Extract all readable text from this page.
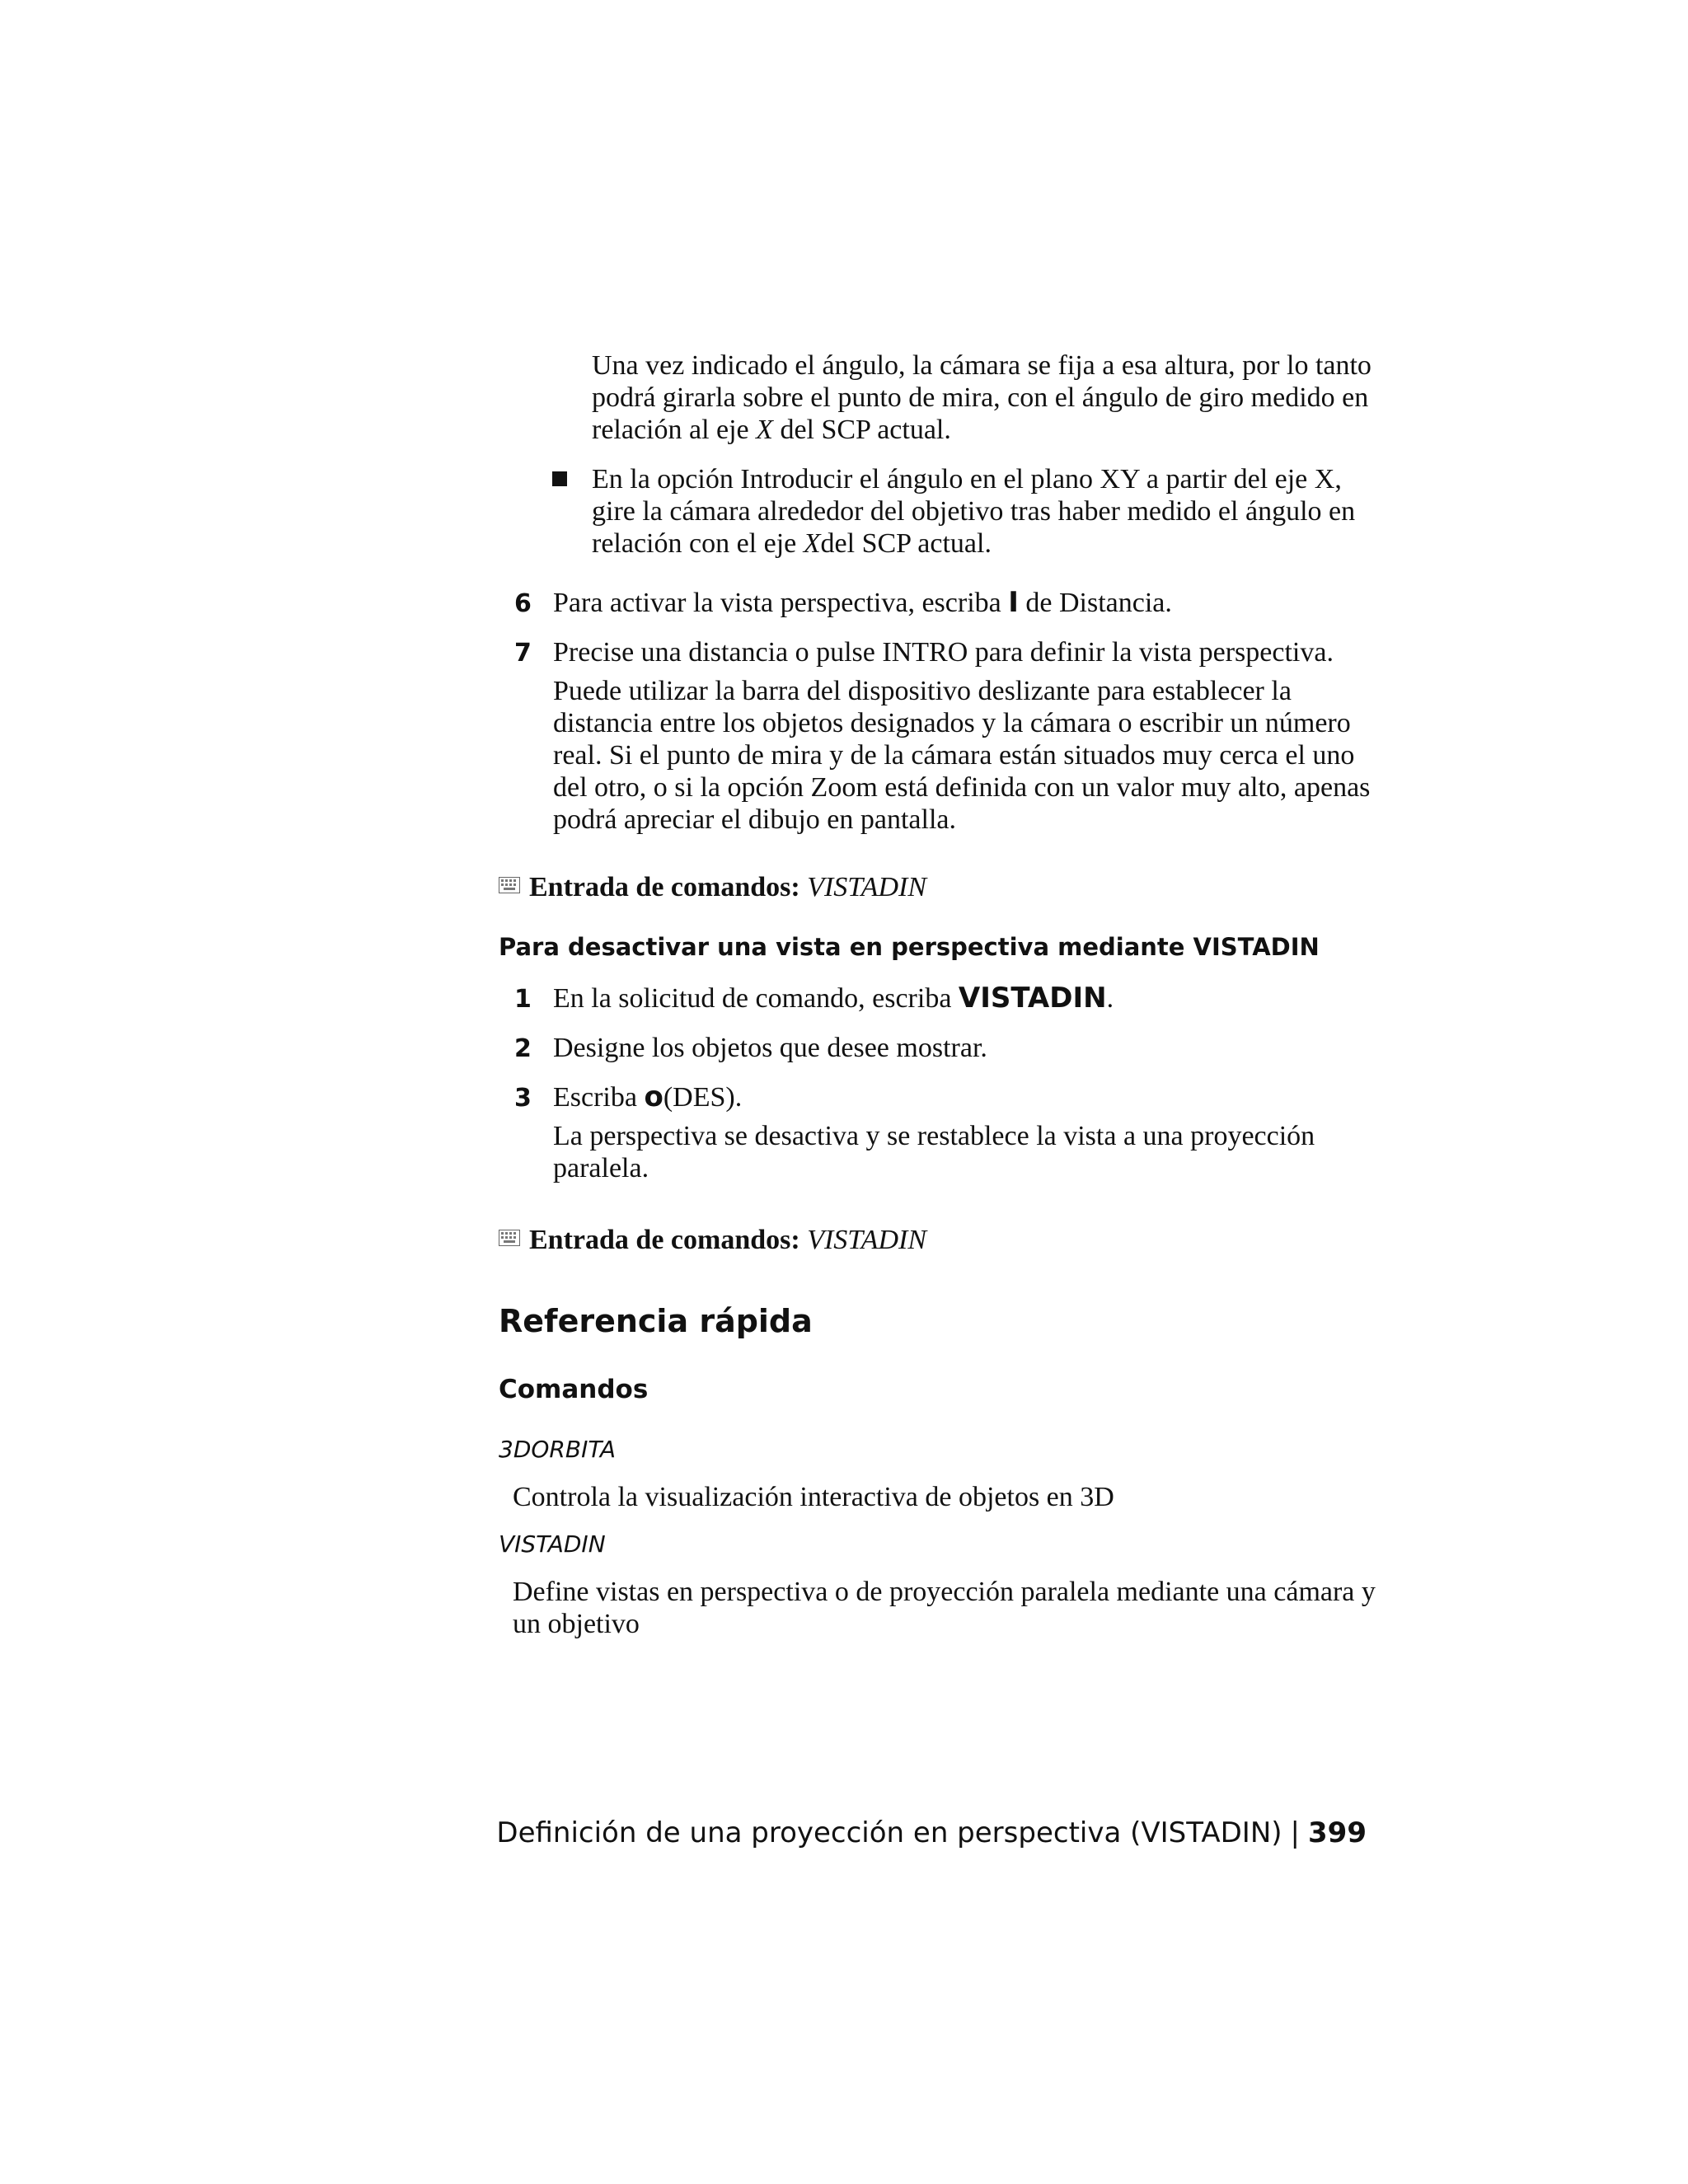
Una vez indicado el ángulo, la cámara se fija a esa altura, por lo tanto podrá girarla sobre el punto de mira, con el ángulo de giro medido en relación al eje X del SCP actual.

En la opción Introducir el ángulo en el plano XY a partir del eje X, gire la cámara alrededor del objetivo tras haber medido el ángulo en relación con el eje Xdel SCP actual.

6 Para activar la vista perspectiva, escriba I de Distancia.

7 Precise una distancia o pulse INTRO para definir la vista perspectiva.

Puede utilizar la barra del dispositivo deslizante para establecer la distancia entre los objetos designados y la cámara o escribir un número real. Si el punto de mira y de la cámara están situados muy cerca el uno del otro, o si la opción Zoom está definida con un valor muy alto, apenas podrá apreciar el dibujo en pantalla.

Entrada de comandos: VISTADIN

Para desactivar una vista en perspectiva mediante VISTADIN

1 En la solicitud de comando, escriba VISTADIN.

2 Designe los objetos que desee mostrar.

3 Escriba o(DES).

La perspectiva se desactiva y se restablece la vista a una proyección paralela.

Entrada de comandos: VISTADIN

Referencia rápida
Comandos

3DORBITA

Controla la visualización interactiva de objetos en 3D

VISTADIN

Define vistas en perspectiva o de proyección paralela mediante una cámara y un objetivo

Definición de una proyección en perspectiva (VISTADIN) | 399
